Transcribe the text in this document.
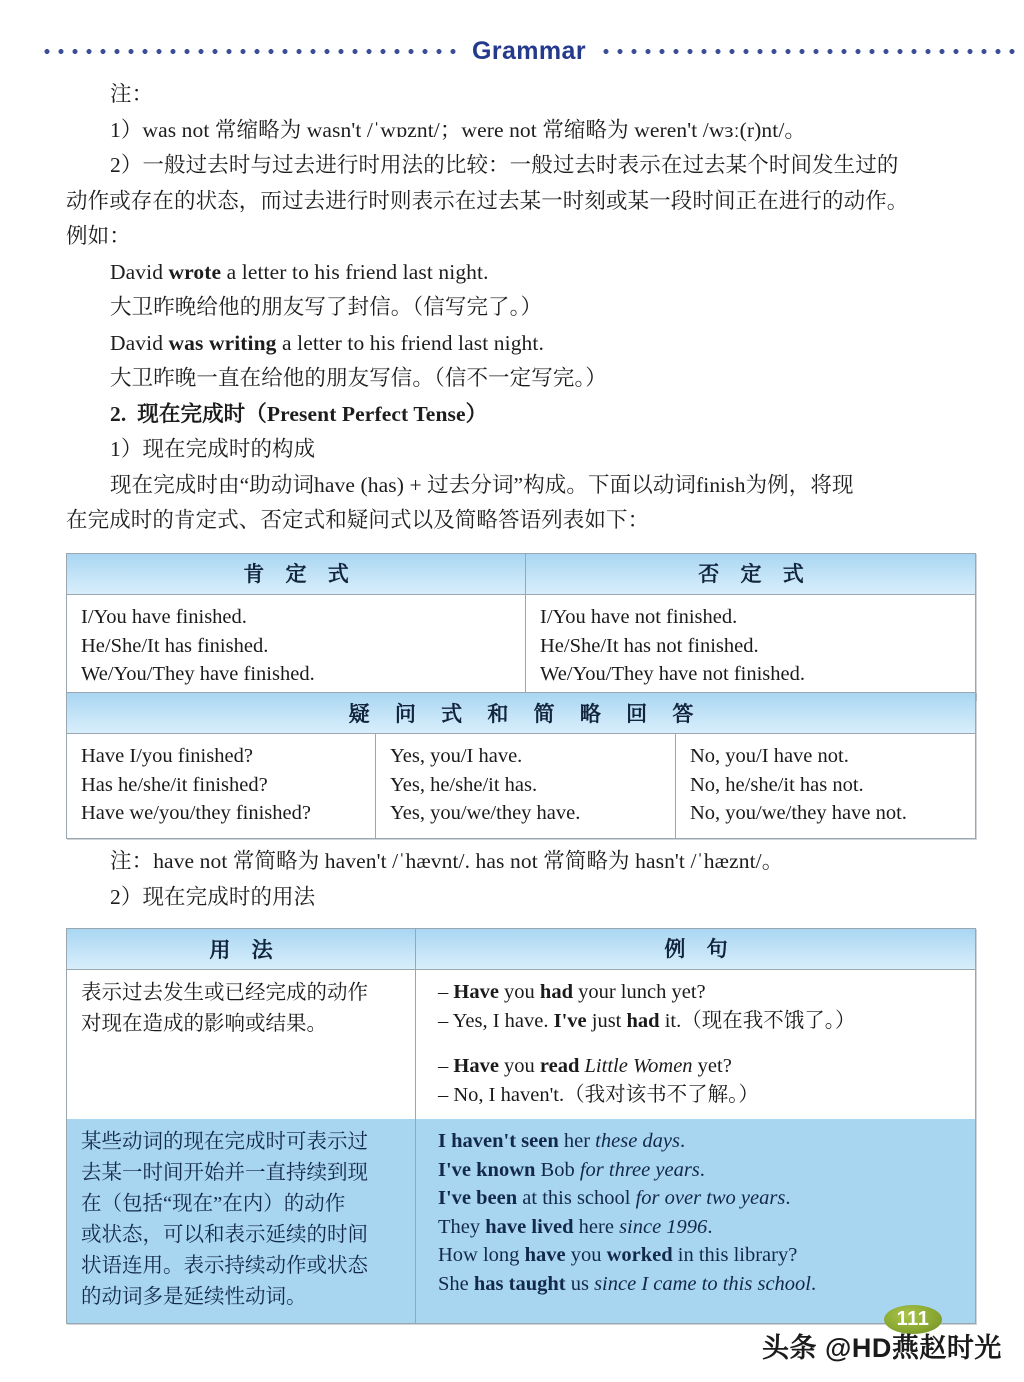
Grammar

注：

1）was not 常缩略为 wasn't /ˈwɒznt/；were not 常缩略为 weren't /wɜː(r)nt/。

2）一般过去时与过去进行时用法的比较：一般过去时表示在过去某个时间发生过的

动作或存在的状态，而过去进行时则表示在过去某一时刻或某一段时间正在进行的动作。

例如：

David wrote a letter to his friend last night.

大卫昨晚给他的朋友写了封信。（信写完了。）

David was writing a letter to his friend last night.

大卫昨晚一直在给他的朋友写信。（信不一定写完。）

2. 现在完成时（Present Perfect Tense）

1）现在完成时的构成

现在完成时由“助动词have (has) + 过去分词”构成。下面以动词finish为例，将现

在完成时的肯定式、否定式和疑问式以及简略答语列表如下：

肯 定 式	否 定 式
I/You have finished.
He/She/It has finished.
We/You/They have finished.
I/You have not finished.
He/She/It has not finished.
We/You/They have not finished.
疑 问 式 和 简 略 回 答
Have I/you finished?
Has he/she/it finished?
Have we/you/they finished?
Yes, you/I have.
Yes, he/she/it has.
Yes, you/we/they have.
No, you/I have not.
No, he/she/it has not.
No, you/we/they have not.

注：have not 常简略为 haven't /ˈhævnt/. has not 常简略为 hasn't /ˈhæznt/。

2）现在完成时的用法

用 法	例 句
表示过去发生或已经完成的动作
对现在造成的影响或结果。
– Have you had your lunch yet?
– Yes, I have. I've just had it.（现在我不饿了。）
– Have you read Little Women yet?
– No, I haven't.（我对该书不了解。）
某些动词的现在完成时可表示过
去某一时间开始并一直持续到现
在（包括“现在”在内）的动作
或状态，可以和表示延续的时间
状语连用。表示持续动作或状态
的动词多是延续性动词。
I haven't seen her these days.
I've known Bob for three years.
I've been at this school for over two years.
They have lived here since 1996.
How long have you worked in this library?
She has taught us since I came to this school.
111
头条 @HD燕赵时光
